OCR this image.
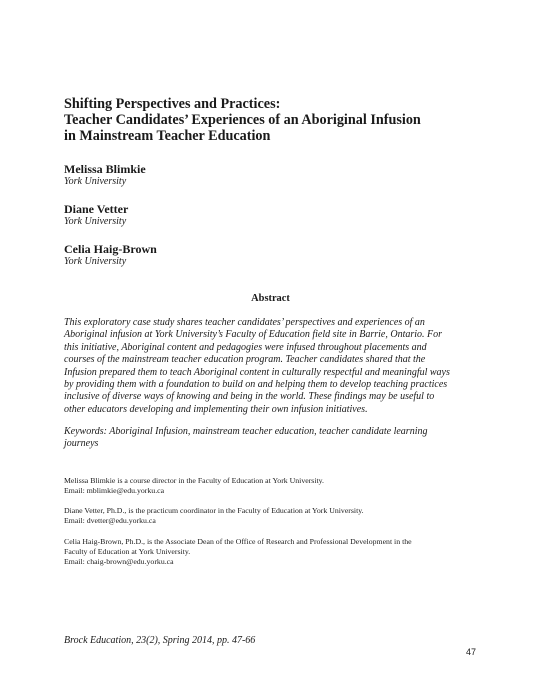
Shifting Perspectives and Practices:
Teacher Candidates’ Experiences of an Aboriginal Infusion
in Mainstream Teacher Education
Melissa Blimkie
York University
Diane Vetter
York University
Celia Haig-Brown
York University
Abstract
This exploratory case study shares teacher candidates’ perspectives and experiences of an
Aboriginal infusion at York University’s Faculty of Education field site in Barrie, Ontario. For
this initiative, Aboriginal content and pedagogies were infused throughout placements and
courses of the mainstream teacher education program. Teacher candidates shared that the
Infusion prepared them to teach Aboriginal content in culturally respectful and meaningful ways
by providing them with a foundation to build on and helping them to develop teaching practices
inclusive of diverse ways of knowing and being in the world. These findings may be useful to
other educators developing and implementing their own infusion initiatives.
Keywords: Aboriginal Infusion, mainstream teacher education, teacher candidate learning
journeys
Melissa Blimkie is a course director in the Faculty of Education at York University.
Email: mblimkie@edu.yorku.ca
Diane Vetter, Ph.D., is the practicum coordinator in the Faculty of Education at York University.
Email: dvetter@edu.yorku.ca
Celia Haig-Brown, Ph.D., is the Associate Dean of the Office of Research and Professional Development in the
Faculty of Education at York University.
Email: chaig-brown@edu.yorku.ca
Brock Education, 23(2), Spring 2014, pp. 47-66
47
